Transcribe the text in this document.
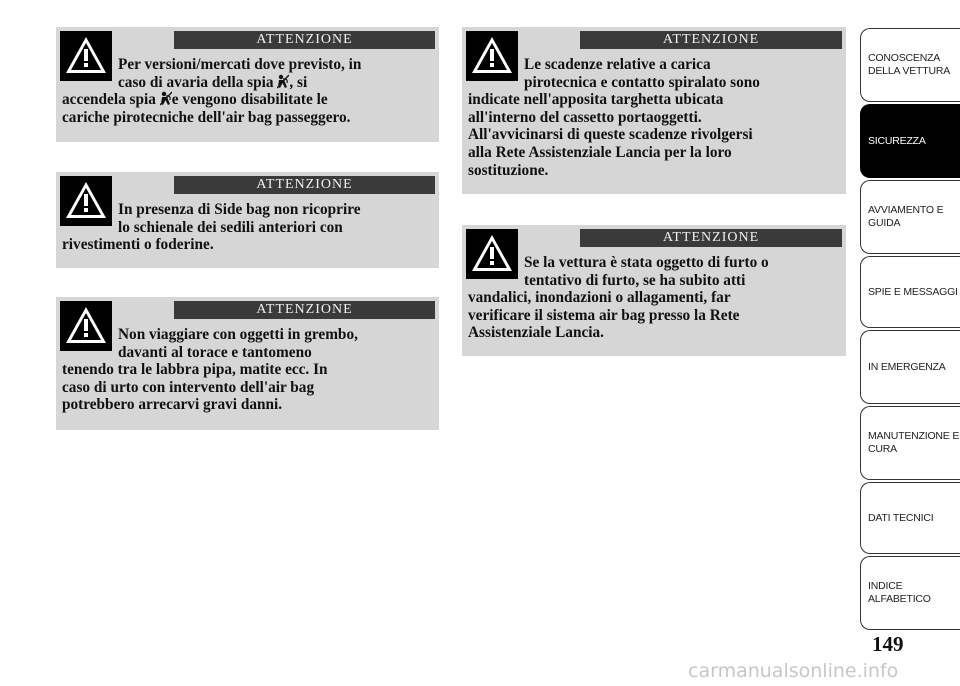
ATTENZIONE
Per versioni/mercati dove previsto, in
caso di avaria della spia , si
accendela spia e vengono disabilitate le
cariche pirotecniche dell'air bag passeggero.
ATTENZIONE
In presenza di Side bag non ricoprire
lo schienale dei sedili anteriori con
rivestimenti o foderine.
ATTENZIONE
Non viaggiare con oggetti in grembo,
davanti al torace e tantomeno
tenendo tra le labbra pipa, matite ecc. In
caso di urto con intervento dell'air bag
potrebbero arrecarvi gravi danni.
ATTENZIONE
Le scadenze relative a carica
pirotecnica e contatto spiralato sono
indicate nell'apposita targhetta ubicata
all'interno del cassetto portaoggetti.
All'avvicinarsi di queste scadenze rivolgersi
alla Rete Assistenziale Lancia per la loro
sostituzione.
ATTENZIONE
Se la vettura è stata oggetto di furto o
tentativo di furto, se ha subito atti
vandalici, inondazioni o allagamenti, far
verificare il sistema air bag presso la Rete
Assistenziale Lancia.
CONOSCENZA
DELLA VETTURA
SICUREZZA
AVVIAMENTO E
GUIDA
SPIE E MESSAGGI
IN EMERGENZA
MANUTENZIONE E
CURA
DATI TECNICI
INDICE
ALFABETICO
149
carmanualsonline.info
